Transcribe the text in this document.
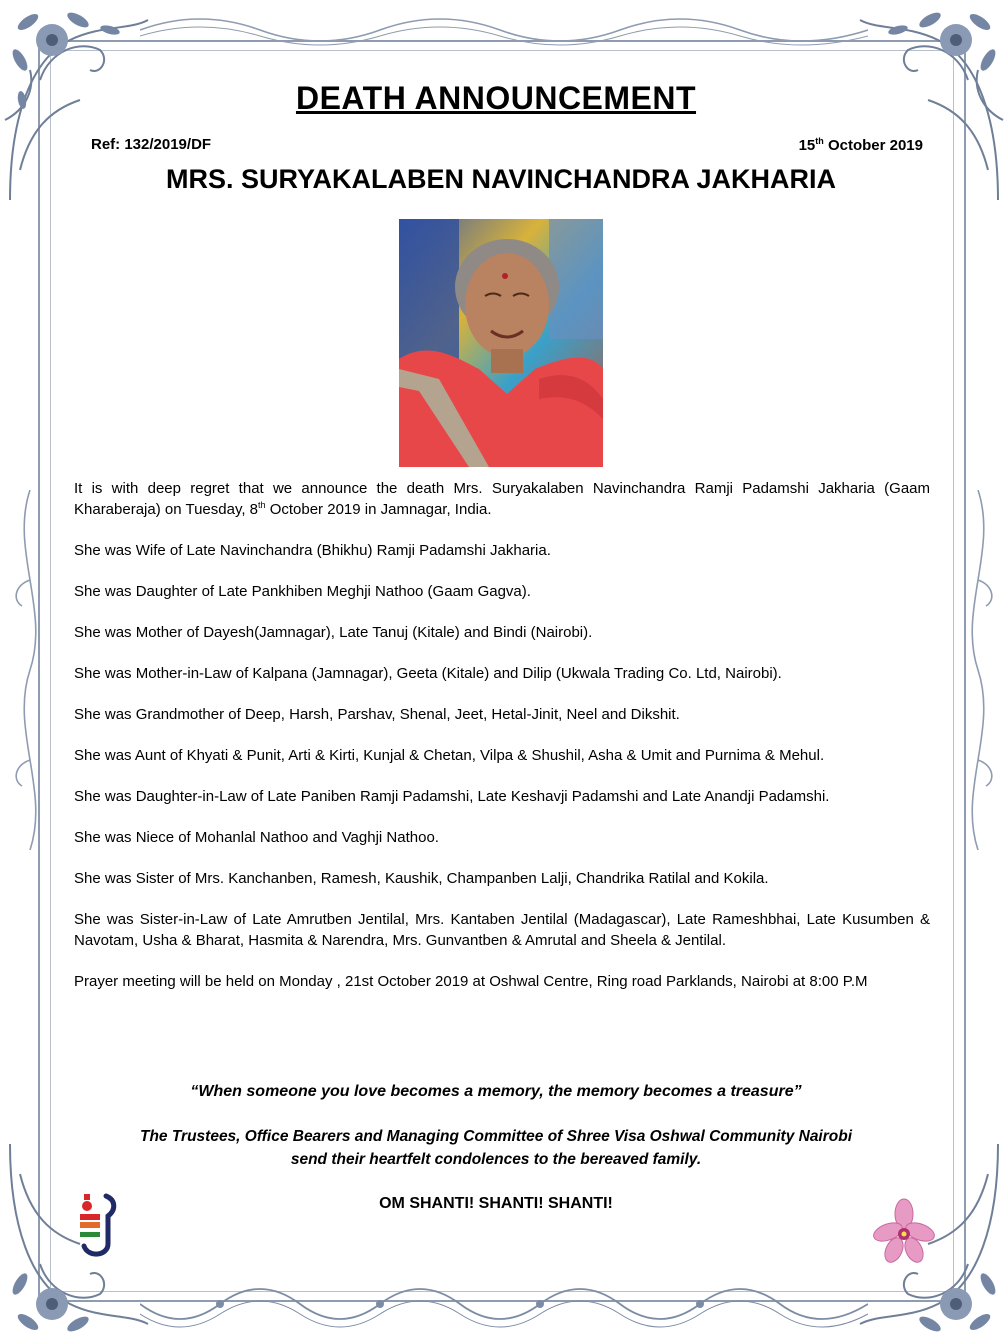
DEATH ANNOUNCEMENT
Ref: 132/2019/DF	15th October 2019
MRS. SURYAKALABEN NAVINCHANDRA JAKHARIA

It is with deep regret that we announce the death Mrs. Suryakalaben Navinchandra Ramji Padamshi Jakharia (Gaam Kharaberaja) on Tuesday, 8th October 2019 in Jamnagar, India.

She was Wife of Late Navinchandra (Bhikhu) Ramji Padamshi Jakharia.

She was Daughter of Late Pankhiben Meghji Nathoo (Gaam Gagva).

She was Mother of Dayesh(Jamnagar), Late Tanuj (Kitale) and Bindi (Nairobi).

She was Mother-in-Law of Kalpana (Jamnagar), Geeta (Kitale) and Dilip (Ukwala Trading Co. Ltd, Nairobi).

She was Grandmother of Deep, Harsh, Parshav, Shenal, Jeet, Hetal-Jinit, Neel and Dikshit.

She was Aunt of Khyati & Punit, Arti & Kirti, Kunjal & Chetan, Vilpa & Shushil, Asha & Umit and Purnima & Mehul.

She was Daughter-in-Law of Late Paniben Ramji Padamshi, Late Keshavji Padamshi and Late Anandji Padamshi.

She was Niece of Mohanlal Nathoo and Vaghji Nathoo.

She was Sister of Mrs. Kanchanben, Ramesh, Kaushik, Champanben Lalji, Chandrika Ratilal and Kokila.

She was Sister-in-Law of Late Amrutben Jentilal, Mrs. Kantaben Jentilal (Madagascar), Late Rameshbhai, Late Kusumben & Navotam, Usha & Bharat, Hasmita & Narendra, Mrs. Gunvantben & Amrutal and Sheela & Jentilal.

Prayer meeting will be held on Monday , 21st October 2019 at Oshwal Centre, Ring road Parklands, Nairobi at 8:00 P.M

“When someone you love becomes a memory, the memory becomes a treasure”
The Trustees, Office Bearers and Managing Committee of Shree Visa Oshwal Community Nairobi
send their heartfelt condolences to the bereaved family.
OM SHANTI! SHANTI! SHANTI!
